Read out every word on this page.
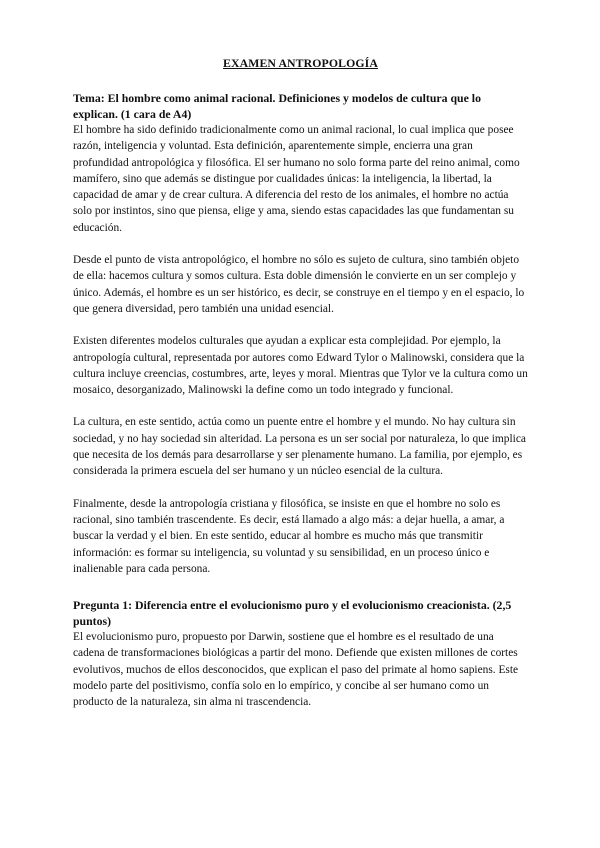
EXAMEN ANTROPOLOGÍA
Tema: El hombre como animal racional. Definiciones y modelos de cultura que lo explican. (1 cara de A4)

El hombre ha sido definido tradicionalmente como un animal racional, lo cual implica que posee razón, inteligencia y voluntad. Esta definición, aparentemente simple, encierra una gran profundidad antropológica y filosófica. El ser humano no solo forma parte del reino animal, como mamífero, sino que además se distingue por cualidades únicas: la inteligencia, la libertad, la capacidad de amar y de crear cultura. A diferencia del resto de los animales, el hombre no actúa solo por instintos, sino que piensa, elige y ama, siendo estas capacidades las que fundamentan su educación.

Desde el punto de vista antropológico, el hombre no sólo es sujeto de cultura, sino también objeto de ella: hacemos cultura y somos cultura. Esta doble dimensión le convierte en un ser complejo y único. Además, el hombre es un ser histórico, es decir, se construye en el tiempo y en el espacio, lo que genera diversidad, pero también una unidad esencial.

Existen diferentes modelos culturales que ayudan a explicar esta complejidad. Por ejemplo, la antropología cultural, representada por autores como Edward Tylor o Malinowski, considera que la cultura incluye creencias, costumbres, arte, leyes y moral. Mientras que Tylor ve la cultura como un mosaico, desorganizado, Malinowski la define como un todo integrado y funcional.

La cultura, en este sentido, actúa como un puente entre el hombre y el mundo. No hay cultura sin sociedad, y no hay sociedad sin alteridad. La persona es un ser social por naturaleza, lo que implica que necesita de los demás para desarrollarse y ser plenamente humano. La familia, por ejemplo, es considerada la primera escuela del ser humano y un núcleo esencial de la cultura.

Finalmente, desde la antropología cristiana y filosófica, se insiste en que el hombre no solo es racional, sino también trascendente. Es decir, está llamado a algo más: a dejar huella, a amar, a buscar la verdad y el bien. En este sentido, educar al hombre es mucho más que transmitir información: es formar su inteligencia, su voluntad y su sensibilidad, en un proceso único e inalienable para cada persona.

Pregunta 1: Diferencia entre el evolucionismo puro y el evolucionismo creacionista. (2,5 puntos)

El evolucionismo puro, propuesto por Darwin, sostiene que el hombre es el resultado de una cadena de transformaciones biológicas a partir del mono. Defiende que existen millones de cortes evolutivos, muchos de ellos desconocidos, que explican el paso del primate al homo sapiens. Este modelo parte del positivismo, confía solo en lo empírico, y concibe al ser humano como un producto de la naturaleza, sin alma ni trascendencia.
